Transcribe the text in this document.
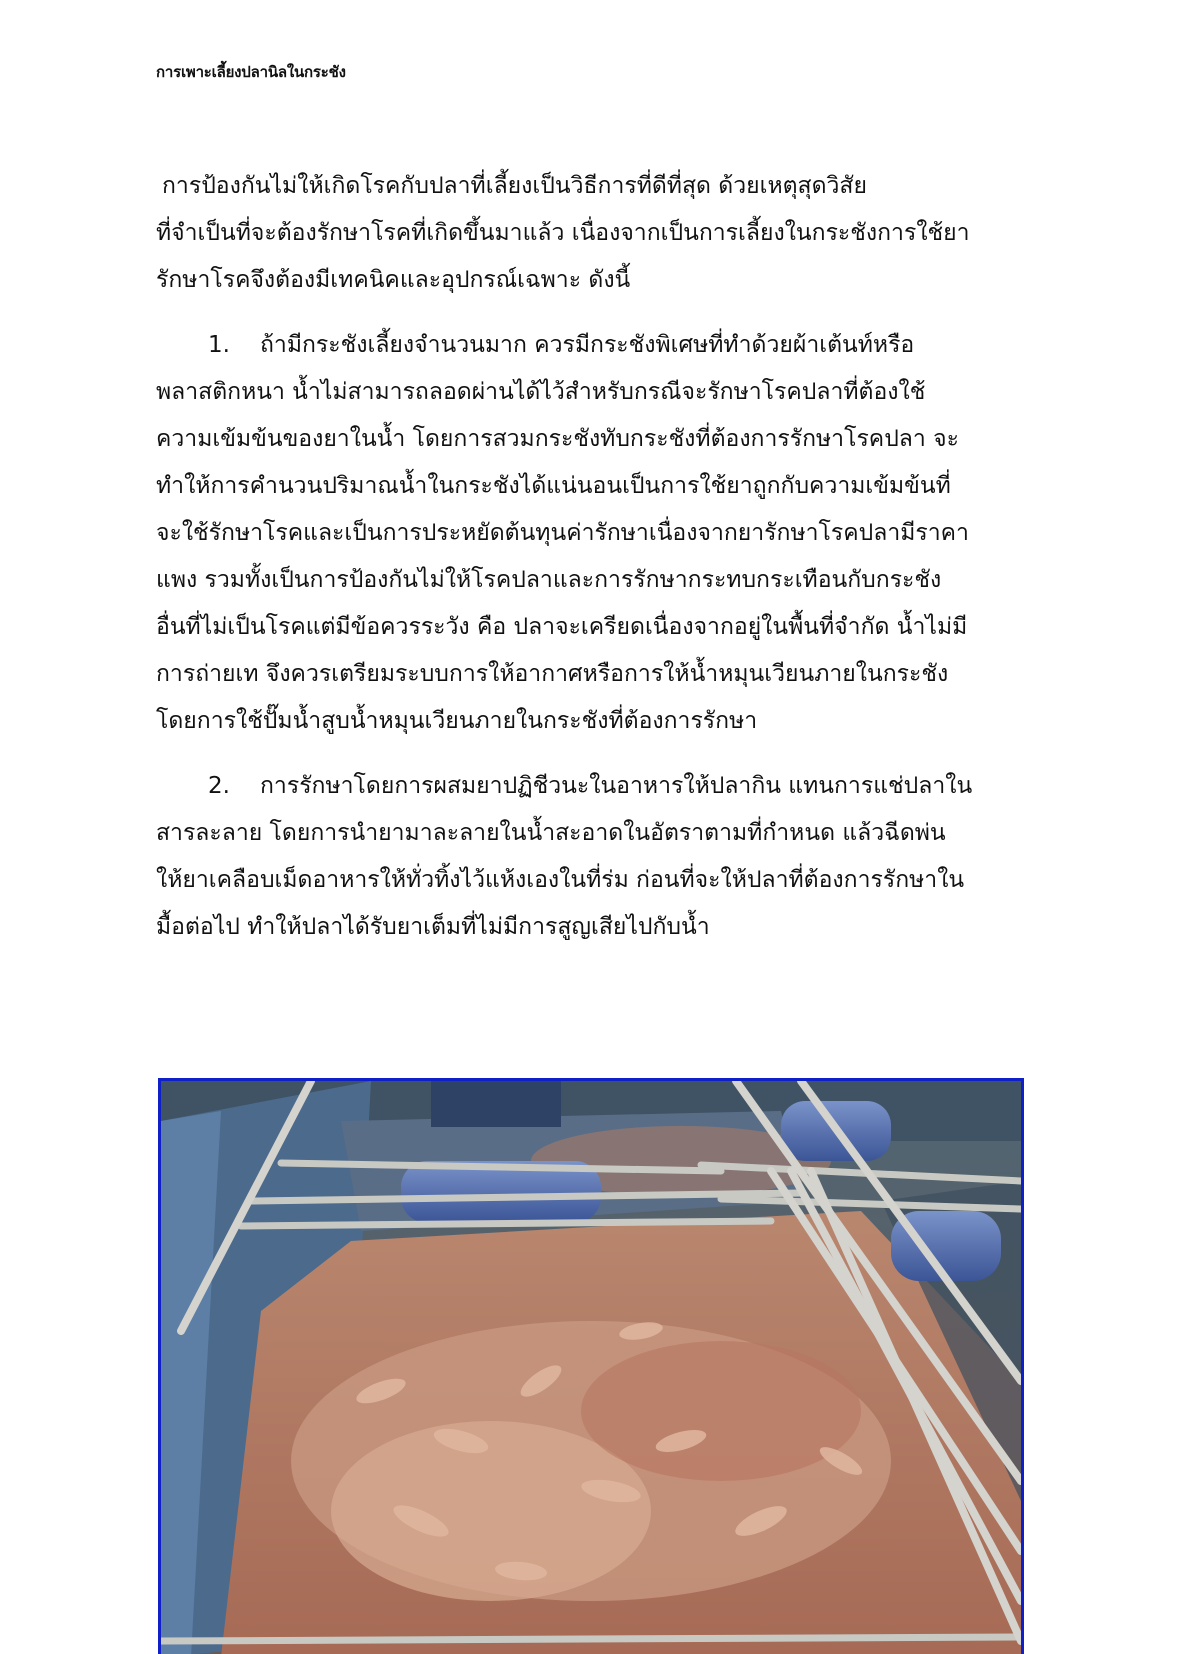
การเพาะเลี้ยงปลานิลในกระชัง
การป้องกันไม่ให้เกิดโรคกับปลาที่เลี้ยงเป็นวิธีการที่ดีที่สุด ด้วยเหตุสุดวิสัย
ที่จำเป็นที่จะต้องรักษาโรคที่เกิดขึ้นมาแล้ว เนื่องจากเป็นการเลี้ยงในกระชังการใช้ยา
รักษาโรคจึงต้องมีเทคนิคและอุปกรณ์เฉพาะ ดังนี้
1. ถ้ามีกระชังเลี้ยงจำนวนมาก ควรมีกระชังพิเศษที่ทำด้วยผ้าเต้นท์หรือ
พลาสติกหนา น้ำไม่สามารถลอดผ่านได้ไว้สำหรับกรณีจะรักษาโรคปลาที่ต้องใช้
ความเข้มข้นของยาในน้ำ โดยการสวมกระชังทับกระชังที่ต้องการรักษาโรคปลา จะ
ทำให้การคำนวนปริมาณน้ำในกระชังได้แน่นอนเป็นการใช้ยาถูกกับความเข้มข้นที่
จะใช้รักษาโรคและเป็นการประหยัดต้นทุนค่ารักษาเนื่องจากยารักษาโรคปลามีราคา
แพง รวมทั้งเป็นการป้องกันไม่ให้โรคปลาและการรักษากระทบกระเทือนกับกระชัง
อื่นที่ไม่เป็นโรคแต่มีข้อควรระวัง คือ ปลาจะเครียดเนื่องจากอยู่ในพื้นที่จำกัด น้ำไม่มี
การถ่ายเท จึงควรเตรียมระบบการให้อากาศหรือการให้น้ำหมุนเวียนภายในกระชัง
โดยการใช้ปั๊มน้ำสูบน้ำหมุนเวียนภายในกระชังที่ต้องการรักษา
2. การรักษาโดยการผสมยาปฏิชีวนะในอาหารให้ปลากิน แทนการแช่ปลาใน
สารละลาย โดยการนำยามาละลายในน้ำสะอาดในอัตราตามที่กำหนด แล้วฉีดพ่น
ให้ยาเคลือบเม็ดอาหารให้ทั่วทิ้งไว้แห้งเองในที่ร่ม ก่อนที่จะให้ปลาที่ต้องการรักษาใน
มื้อต่อไป ทำให้ปลาได้รับยาเต็มที่ไม่มีการสูญเสียไปกับน้ำ
